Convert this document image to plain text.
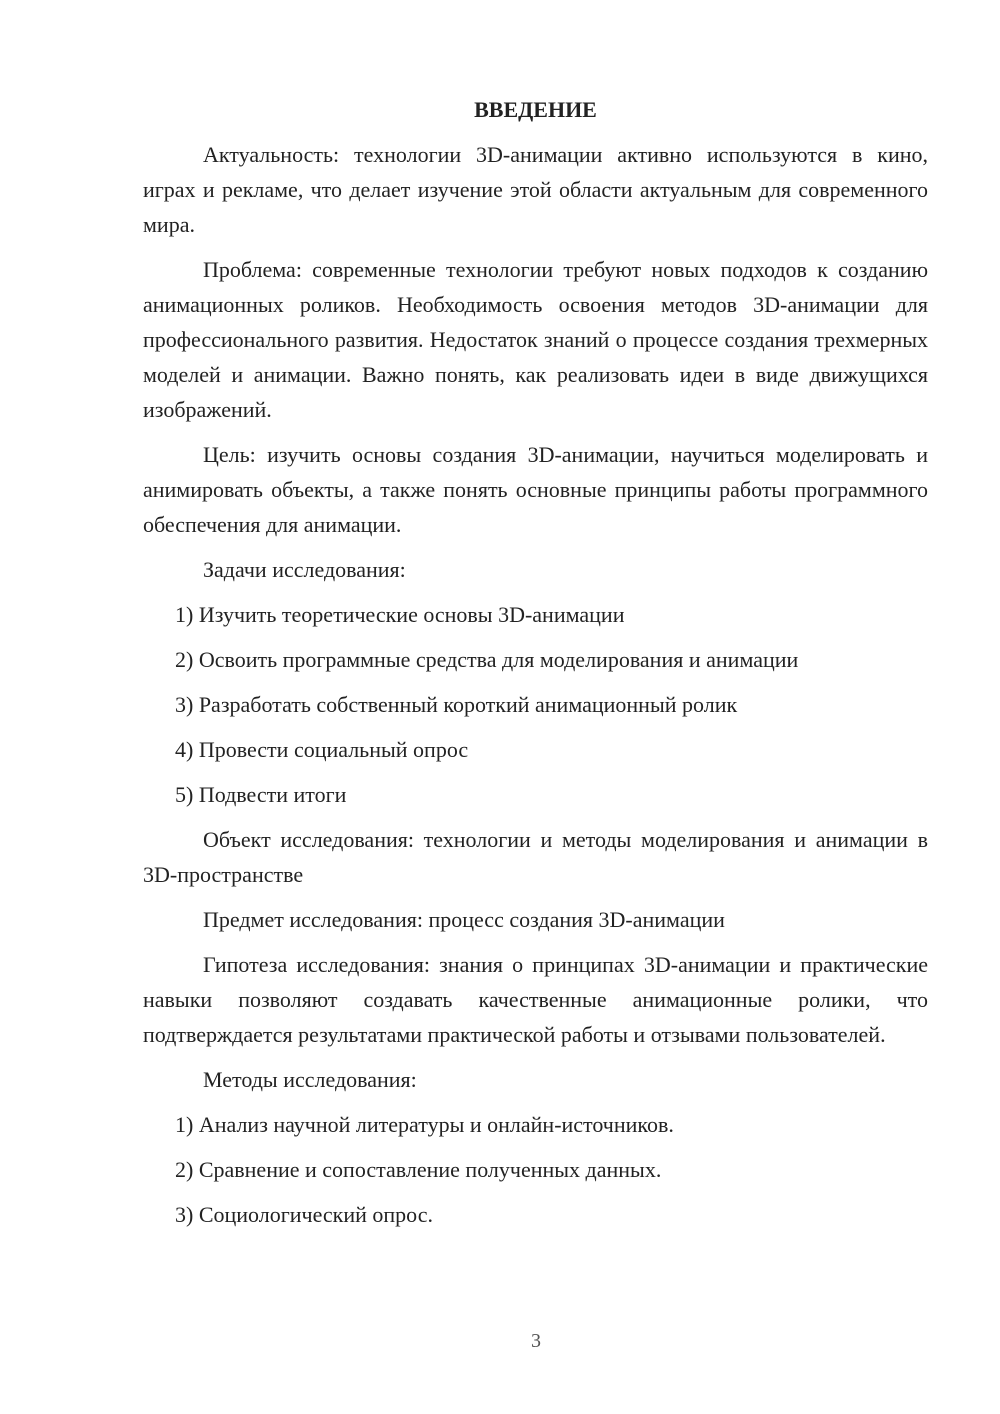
ВВЕДЕНИЕ

Актуальность: технологии 3D-анимации активно используются в кино, играх и рекламе, что делает изучение этой области актуальным для современного мира.

Проблема: современные технологии требуют новых подходов к созданию анимационных роликов. Необходимость освоения методов 3D-анимации для профессионального развития. Недостаток знаний о процессе создания трехмерных моделей и анимации. Важно понять, как реализовать идеи в виде движущихся изображений.

Цель: изучить основы создания 3D-анимации, научиться моделировать и анимировать объекты, а также понять основные принципы работы программного обеспечения для анимации.

Задачи исследования:

1) Изучить теоретические основы 3D-анимации
2) Освоить программные средства для моделирования и анимации
3) Разработать собственный короткий анимационный ролик
4) Провести социальный опрос
5) Подвести итоги

Объект исследования: технологии и методы моделирования и анимации в 3D-пространстве

Предмет исследования: процесс создания 3D-анимации

Гипотеза исследования: знания о принципах 3D-анимации и практические навыки позволяют создавать качественные анимационные ролики, что подтверждается результатами практической работы и отзывами пользователей.

Методы исследования:

1) Анализ научной литературы и онлайн-источников.
2) Сравнение и сопоставление полученных данных.
3) Социологический опрос.
3
